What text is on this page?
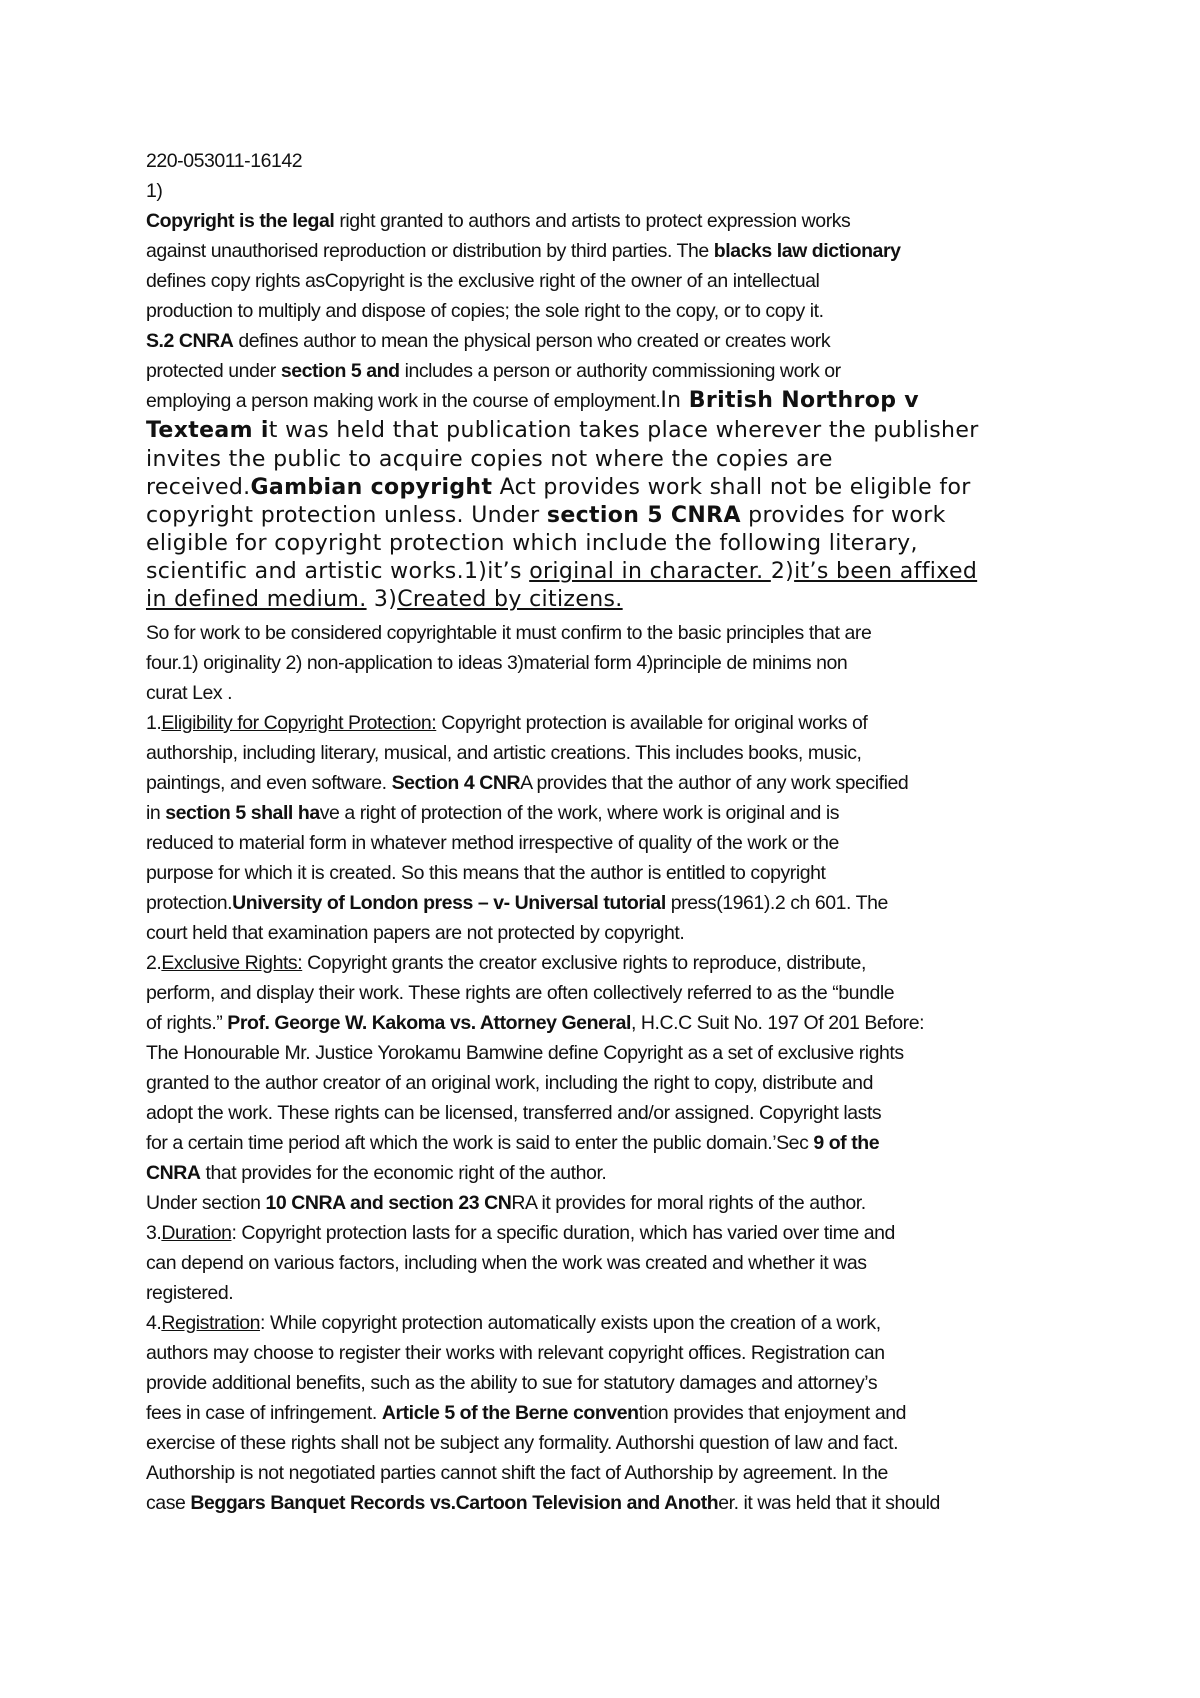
220-053011-16142
1)
Copyright is the legal right granted to authors and artists to protect expression works
against unauthorised reproduction or distribution by third parties. The blacks law dictionary
defines copy rights asCopyright is the exclusive right of the owner of an intellectual
production to multiply and dispose of copies; the sole right to the copy, or to copy it.
S.2 CNRA defines author to mean the physical person who created or creates work
protected under section 5 and includes a person or authority commissioning work or
employing a person making work in the course of employment.In British Northrop v
Texteam it was held that publication takes place wherever the publisher
invites the public to acquire copies not where the copies are
received.Gambian copyright Act provides work shall not be eligible for
copyright protection unless. Under section 5 CNRA provides for work
eligible for copyright protection which include the following literary,
scientific and artistic works.1)it’s original in character. 2)it’s been affixed
in defined medium. 3)Created by citizens.
So for work to be considered copyrightable it must confirm to the basic principles that are
four.1) originality 2) non-application to ideas 3)material form 4)principle de minims non
curat Lex .
1.Eligibility for Copyright Protection: Copyright protection is available for original works of
authorship, including literary, musical, and artistic creations. This includes books, music,
paintings, and even software. Section 4 CNRA provides that the author of any work specified
in section 5 shall have a right of protection of the work, where work is original and is
reduced to material form in whatever method irrespective of quality of the work or the
purpose for which it is created. So this means that the author is entitled to copyright
protection.University of London press – v- Universal tutorial press(1961).2 ch 601. The
court held that examination papers are not protected by copyright.
2.Exclusive Rights: Copyright grants the creator exclusive rights to reproduce, distribute,
perform, and display their work. These rights are often collectively referred to as the “bundle
of rights.” Prof. George W. Kakoma vs. Attorney General, H.C.C Suit No. 197 Of 201 Before:
The Honourable Mr. Justice Yorokamu Bamwine define Copyright as a set of exclusive rights
granted to the author creator of an original work, including the right to copy, distribute and
adopt the work. These rights can be licensed, transferred and/or assigned. Copyright lasts
for a certain time period aft which the work is said to enter the public domain.’Sec 9 of the
CNRA that provides for the economic right of the author.
Under section 10 CNRA and section 23 CNRA it provides for moral rights of the author.
3.Duration: Copyright protection lasts for a specific duration, which has varied over time and
can depend on various factors, including when the work was created and whether it was
registered.
4.Registration: While copyright protection automatically exists upon the creation of a work,
authors may choose to register their works with relevant copyright offices. Registration can
provide additional benefits, such as the ability to sue for statutory damages and attorney’s
fees in case of infringement. Article 5 of the Berne convention provides that enjoyment and
exercise of these rights shall not be subject any formality. Authorshi question of law and fact.
Authorship is not negotiated parties cannot shift the fact of Authorship by agreement. In the
case Beggars Banquet Records vs.Cartoon Television and Another. it was held that it should
